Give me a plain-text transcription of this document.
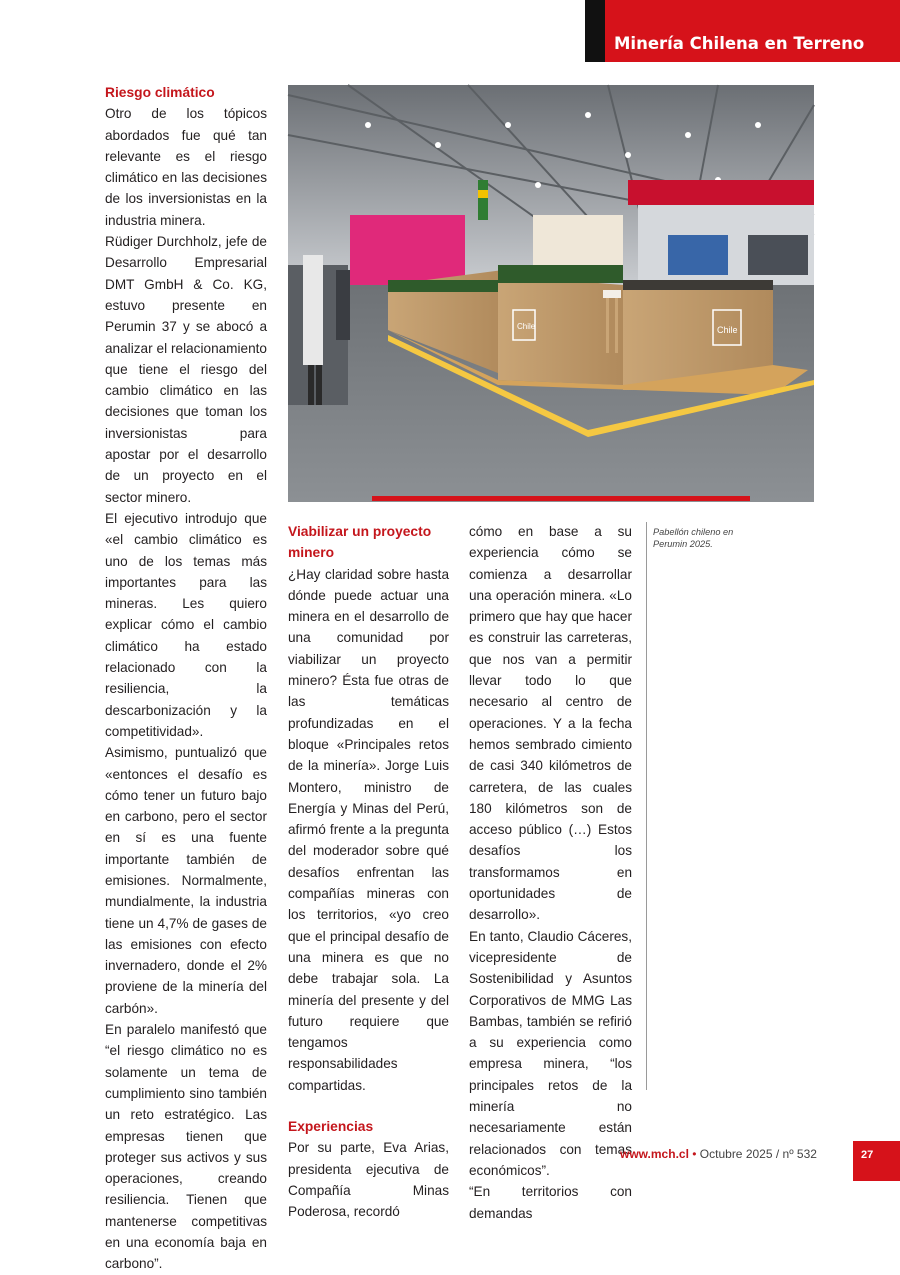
Minería Chilena en Terreno
Riesgo climático

Otro de los tópicos abordados fue qué tan relevante es el riesgo climático en las decisiones de los inversionistas en la industria minera.

Rüdiger Durchholz, jefe de Desarrollo Empresarial DMT GmbH & Co. KG, estuvo presente en Perumin 37 y se abocó a analizar el relacionamiento que tiene el riesgo del cambio climático en las decisiones que toman los inversionistas para apostar por el desarrollo de un proyecto en el sector minero.

El ejecutivo introdujo que «el cambio climático es uno de los temas más importantes para las mineras. Les quiero explicar cómo el cambio climático ha estado relacionado con la resiliencia, la descarbonización y la competitividad». Asimismo, puntualizó que «entonces el desafío es cómo tener un futuro bajo en carbono, pero el sector en sí es una fuente importante también de emisiones. Normalmente, mundialmente, la industria tiene un 4,7% de gases de las emisiones con efecto invernadero, donde el 2% proviene de la minería del carbón».

En paralelo manifestó que “el riesgo climático no es solamente un tema de cumplimiento sino también un reto estratégico. Las empresas tienen que proteger sus activos y sus operaciones, creando resiliencia. Tienen que mantenerse competitivas en una economía baja en carbono”.

Chile	Chile
Foto: Gentileza Minería Chilena
Viabilizar un proyecto minero

¿Hay claridad sobre hasta dónde puede actuar una minera en el desarrollo de una comunidad por viabilizar un proyecto minero? Ésta fue otras de las temáticas profundizadas en el bloque «Principales retos de la minería». Jorge Luis Montero, ministro de Energía y Minas del Perú, afirmó frente a la pregunta del moderador sobre qué desafíos enfrentan las compañías mineras con los territorios, «yo creo que el principal desafío de una minera es que no debe trabajar sola. La minería del presente y del futuro requiere que tengamos responsabilidades compartidas.

Experiencias

Por su parte, Eva Arias, presidenta ejecutiva de Compañía Minas Poderosa, recordó

cómo en base a su experiencia cómo se comienza a desarrollar una operación minera. «Lo primero que hay que hacer es construir las carreteras, que nos van a permitir llevar todo lo que necesario al centro de operaciones. Y a la fecha hemos sembrado cimiento de casi 340 kilómetros de carretera, de las cuales 180 kilómetros son de acceso público (…) Estos desafíos los transformamos en oportunidades de desarrollo».

En tanto, Claudio Cáceres, vicepresidente de Sostenibilidad y Asuntos Corporativos de MMG Las Bambas, también se refirió a su experiencia como empresa minera, “los principales retos de la minería no necesariamente están relacionados con temas económicos”.

“En territorios con demandas

Pabellón chileno en Perumin 2025.
www.mch.cl • Octubre 2025 / nº 532	27
